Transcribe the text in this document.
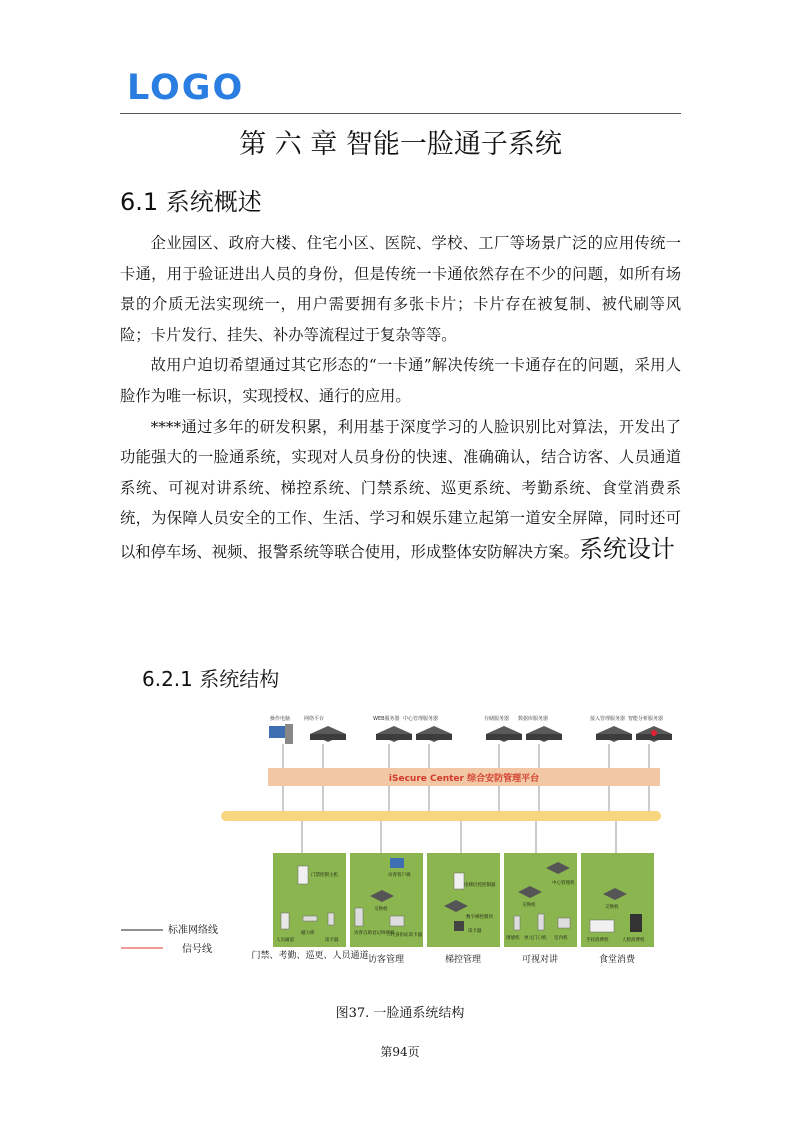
LOGO
第 六 章 智能一脸通子系统
6.1 系统概述

企业园区、政府大楼、住宅小区、医院、学校、工厂等场景广泛的应用传统一卡通，用于验证进出人员的身份，但是传统一卡通依然存在不少的问题，如所有场景的介质无法实现统一，用户需要拥有多张卡片；卡片存在被复制、被代刷等风险；卡片发行、挂失、补办等流程过于复杂等等。

故用户迫切希望通过其它形态的“一卡通”解决传统一卡通存在的问题，采用人脸作为唯一标识，实现授权、通行的应用。

****通过多年的研发积累，利用基于深度学习的人脸识别比对算法，开发出了功能强大的一脸通系统，实现对人员身份的快速、准确确认，结合访客、人员通道系统、可视对讲系统、梯控系统、门禁系统、巡更系统、考勤系统、食堂消费系统，为保障人员安全的工作、生活、学习和娱乐建立起第一道安全屏障，同时还可以和停车场、视频、报警系统等联合使用，形成整体安防解决方案。系统设计

6.2.1 系统结构
操作电脑	网络平台	WEB服务器 中心管理服务器	存储服务器 数据库服务器	接入管理服务器 智能分析服务器
iSecure Center 综合安防管理平台
门禁控制主机
人员通道
磁力锁
读卡器
访客客户端
交换机
访客自助登记终端机
二代身份证读卡器
电梯层控控制器
数字梯控模块
读卡器
中心管理机
交换机
围墙机 单元门口机 室内机
交换机
手持消费机	人脸消费机
门禁、考勤、巡更、人员通道 访客管理	梯控管理	可视对讲	食堂消费
标准网络线
信号线
图37. 一脸通系统结构
第94页
